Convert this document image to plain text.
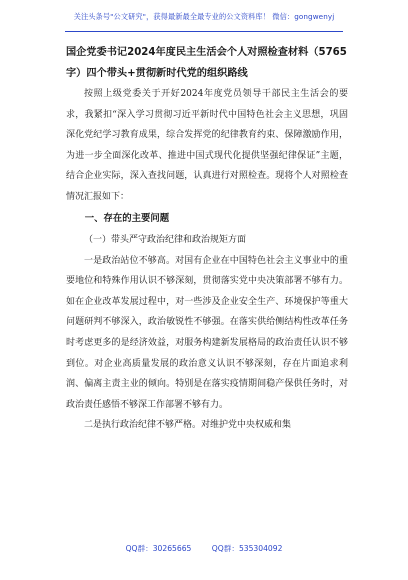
关注头条号"公文研究"，获得最新最全最专业的公文资料库！ 微信：gongwenyj

国企党委书记2024年度民主生活会个人对照检查材料（5765字）四个带头+贯彻新时代党的组织路线

按照上级党委关于开好2024年度党员领导干部民主生活会的要求，我紧扣“深入学习贯彻习近平新时代中国特色社会主义思想，巩固深化党纪学习教育成果，综合发挥党的纪律教育约束、保障激励作用，为进一步全面深化改革、推进中国式现代化提供坚强纪律保证”主题，结合企业实际，深入查找问题，认真进行对照检查。现将个人对照检查情况汇报如下：

一、存在的主要问题

（一）带头严守政治纪律和政治规矩方面

一是政治站位不够高。对国有企业在中国特色社会主义事业中的重要地位和特殊作用认识不够深刻，贯彻落实党中央决策部署不够有力。如在企业改革发展过程中，对一些涉及企业安全生产、环境保护等重大问题研判不够深入，政治敏锐性不够强。在落实供给侧结构性改革任务时考虑更多的是经济效益，对服务构建新发展格局的政治责任认识不够到位。对企业高质量发展的政治意义认识不够深刻，存在片面追求利润、偏离主责主业的倾向。特别是在落实疫情期间稳产保供任务时，对政治责任感悟不够深工作部署不够有力。

二是执行政治纪律不够严格。对维护党中央权威和集

QQ群：30265665	QQ群：535304092
